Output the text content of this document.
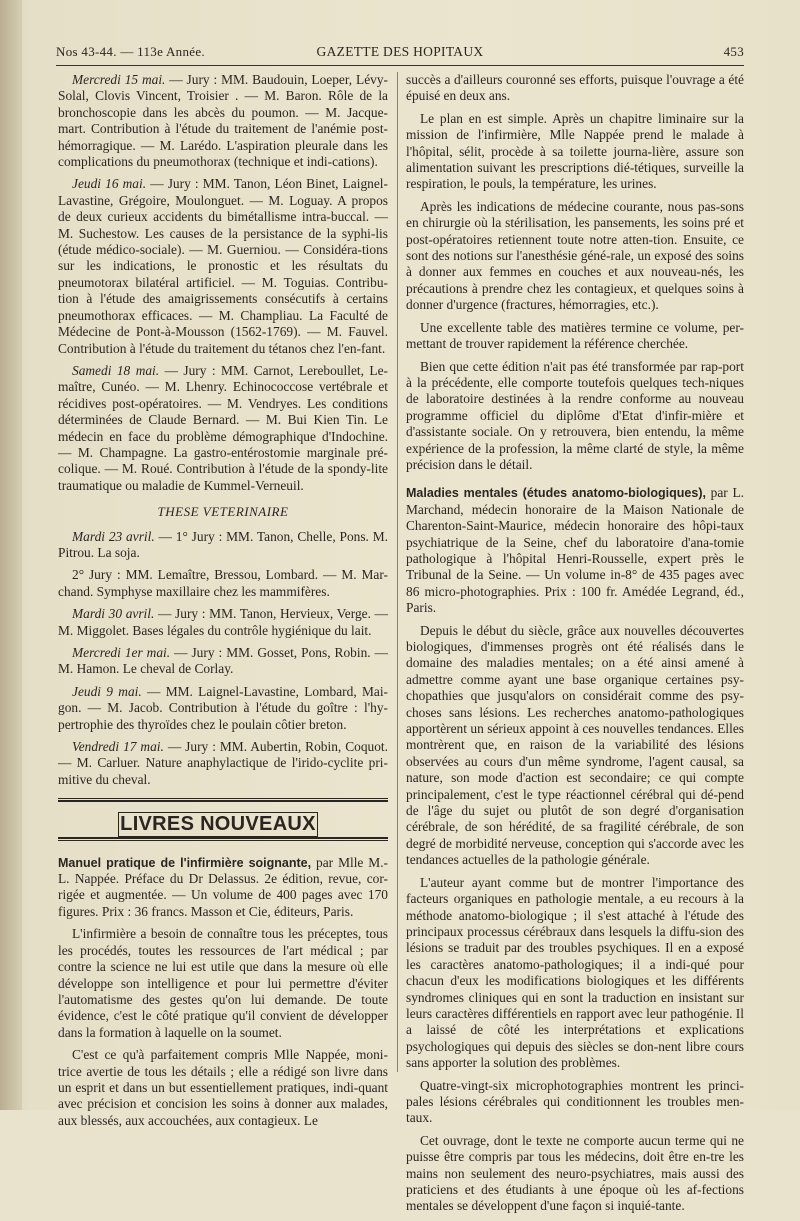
Nos 43-44. — 113e Année.	GAZETTE DES HOPITAUX	453

Mercredi 15 mai. — Jury : MM. Baudouin, Loeper, Lévy-Solal, Clovis Vincent, Troisier . — M. Baron. Rôle de la bronchoscopie dans les abcès du poumon. — M. Jacque-mart. Contribution à l'étude du traitement de l'anémie post-hémorragique. — M. Larédo. L'aspiration pleurale dans les complications du pneumothorax (technique et indi-cations).

Jeudi 16 mai. — Jury : MM. Tanon, Léon Binet, Laignel-Lavastine, Grégoire, Moulonguet. — M. Loguay. A propos de deux curieux accidents du bimétallisme intra-buccal. — M. Suchestow. Les causes de la persistance de la syphi-lis (étude médico-sociale). — M. Guerniou. — Considéra-tions sur les indications, le pronostic et les résultats du pneumotorax bilatéral artificiel. — M. Toguias. Contribu-tion à l'étude des amaigrissements consécutifs à certains pneumothorax efficaces. — M. Champliau. La Faculté de Médecine de Pont-à-Mousson (1562-1769). — M. Fauvel. Contribution à l'étude du traitement du tétanos chez l'en-fant.

Samedi 18 mai. — Jury : MM. Carnot, Lereboullet, Le-maître, Cunéo. — M. Lhenry. Echinococcose vertébrale et récidives post-opératoires. — M. Vendryes. Les conditions déterminées de Claude Bernard. — M. Bui Kien Tin. Le médecin en face du problème démographique d'Indochine. — M. Champagne. La gastro-entérostomie marginale pré-colique. — M. Roué. Contribution à l'étude de la spondy-lite traumatique ou maladie de Kummel-Verneuil.

THESE VETERINAIRE

Mardi 23 avril. — 1° Jury : MM. Tanon, Chelle, Pons. M. Pitrou. La soja.

2° Jury : MM. Lemaître, Bressou, Lombard. — M. Mar-chand. Symphyse maxillaire chez les mammifères.

Mardi 30 avril. — Jury : MM. Tanon, Hervieux, Verge. — M. Miggolet. Bases légales du contrôle hygiénique du lait.

Mercredi 1er mai. — Jury : MM. Gosset, Pons, Robin. — M. Hamon. Le cheval de Corlay.

Jeudi 9 mai. — MM. Laignel-Lavastine, Lombard, Mai-gon. — M. Jacob. Contribution à l'étude du goître : l'hy-pertrophie des thyroïdes chez le poulain côtier breton.

Vendredi 17 mai. — Jury : MM. Aubertin, Robin, Coquot. — M. Carluer. Nature anaphylactique de l'irido-cyclite pri-mitive du cheval.

LIVRES NOUVEAUX

Manuel pratique de l'infirmière soignante, par Mlle M.-L. Nappée. Préface du Dr Delassus. 2e édition, revue, cor-rigée et augmentée. — Un volume de 400 pages avec 170 figures. Prix : 36 francs. Masson et Cie, éditeurs, Paris.

L'infirmière a besoin de connaître tous les préceptes, tous les procédés, toutes les ressources de l'art médical ; par contre la science ne lui est utile que dans la mesure où elle développe son intelligence et pour lui permettre d'éviter l'automatisme des gestes qu'on lui demande. De toute évidence, c'est le côté pratique qu'il convient de développer dans la formation à laquelle on la soumet.

C'est ce qu'à parfaitement compris Mlle Nappée, moni-trice avertie de tous les détails ; elle a rédigé son livre dans un esprit et dans un but essentiellement pratiques, indi-quant avec précision et concision les soins à donner aux malades, aux blessés, aux accouchées, aux contagieux. Le

succès a d'ailleurs couronné ses efforts, puisque l'ouvrage a été épuisé en deux ans.

Le plan en est simple. Après un chapitre liminaire sur la mission de l'infirmière, Mlle Nappée prend le malade à l'hôpital, sélit, procède à sa toilette journa-lière, assure son alimentation suivant les prescriptions dié-tétiques, surveille la respiration, le pouls, la température, les urines.

Après les indications de médecine courante, nous pas-sons en chirurgie où la stérilisation, les pansements, les soins pré et post-opératoires retiennent toute notre atten-tion. Ensuite, ce sont des notions sur l'anesthésie géné-rale, un exposé des soins à donner aux femmes en couches et aux nouveau-nés, les précautions à prendre chez les contagieux, et quelques soins à donner d'urgence (fractures, hémorragies, etc.).

Une excellente table des matières termine ce volume, per-mettant de trouver rapidement la référence cherchée.

Bien que cette édition n'ait pas été transformée par rap-port à la précédente, elle comporte toutefois quelques tech-niques de laboratoire destinées à la rendre conforme au nouveau programme officiel du diplôme d'Etat d'infir-mière et d'assistante sociale. On y retrouvera, bien entendu, la même expérience de la profession, la même clarté de style, la même précision dans le détail.

Maladies mentales (études anatomo-biologiques), par L. Marchand, médecin honoraire de la Maison Nationale de Charenton-Saint-Maurice, médecin honoraire des hôpi-taux psychiatrique de la Seine, chef du laboratoire d'ana-tomie pathologique à l'hôpital Henri-Rousselle, expert près le Tribunal de la Seine. — Un volume in-8° de 435 pages avec 86 micro-photographies. Prix : 100 fr. Amédée Legrand, éd., Paris.

Depuis le début du siècle, grâce aux nouvelles découvertes biologiques, d'immenses progrès ont été réalisés dans le domaine des maladies mentales; on a été ainsi amené à admettre comme ayant une base organique certaines psy-chopathies que jusqu'alors on considérait comme des psy-choses sans lésions. Les recherches anatomo-pathologiques apportèrent un sérieux appoint à ces nouvelles tendances. Elles montrèrent que, en raison de la variabilité des lésions observées au cours d'un même syndrome, l'agent causal, sa nature, son mode d'action est secondaire; ce qui compte principalement, c'est le type réactionnel cérébral qui dé-pend de l'âge du sujet ou plutôt de son degré d'organisation cérébrale, de son hérédité, de sa fragilité cérébrale, de son degré de morbidité nerveuse, conception qui s'accorde avec les tendances actuelles de la pathologie générale.

L'auteur ayant comme but de montrer l'importance des facteurs organiques en pathologie mentale, a eu recours à la méthode anatomo-biologique ; il s'est attaché à l'étude des principaux processus cérébraux dans lesquels la diffu-sion des lésions se traduit par des troubles psychiques. Il en a exposé les caractères anatomo-pathologiques; il a indi-qué pour chacun d'eux les modifications biologiques et les différents syndromes cliniques qui en sont la traduction en insistant sur leurs caractères différentiels en rapport avec leur pathogénie. Il a laissé de côté les interprétations et explications psychologiques qui depuis des siècles se don-nent libre cours sans apporter la solution des problèmes.

Quatre-vingt-six microphotographies montrent les princi-pales lésions cérébrales qui conditionnent les troubles men-taux.

Cet ouvrage, dont le texte ne comporte aucun terme qui ne puisse être compris par tous les médecins, doit être en-tre les mains non seulement des neuro-psychiatres, mais aussi des praticiens et des étudiants à une époque où les af-fections mentales se développent d'une façon si inquié-tante.
